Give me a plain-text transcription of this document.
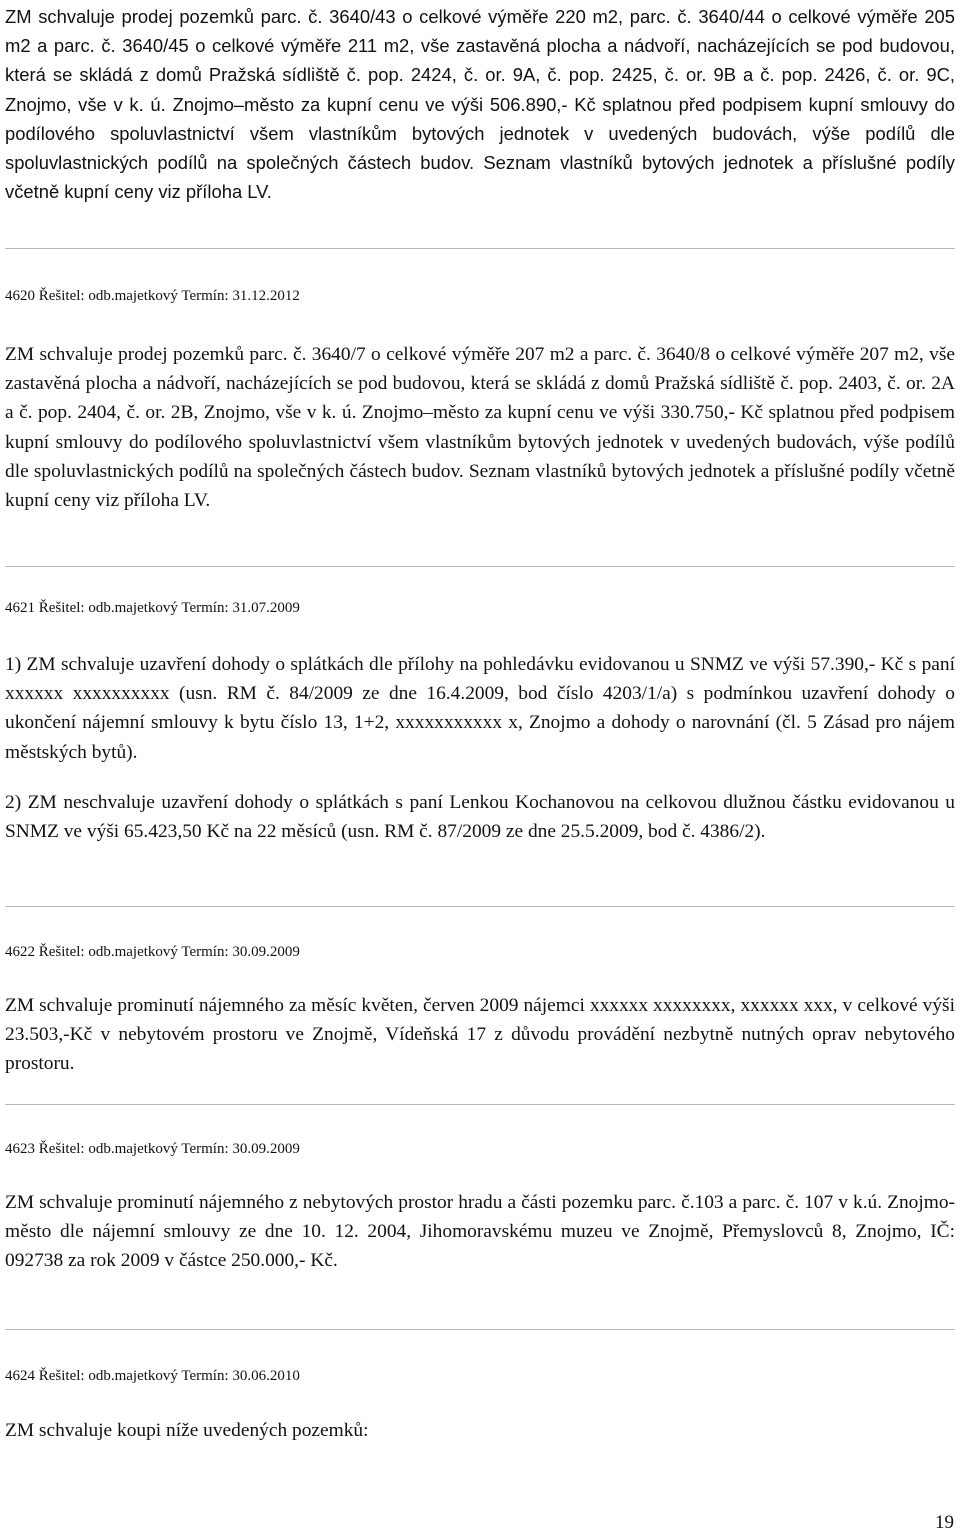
ZM schvaluje prodej pozemků parc. č. 3640/43 o celkové výměře 220 m2, parc. č. 3640/44 o celkové výměře 205 m2 a parc. č. 3640/45 o celkové výměře 211 m2, vše zastavěná plocha a nádvoří, nacházejících se pod budovou, která se skládá z domů Pražská sídliště č. pop. 2424, č. or. 9A, č. pop. 2425, č. or. 9B a č. pop. 2426, č. or. 9C, Znojmo, vše v k. ú. Znojmo–město za kupní cenu ve výši 506.890,- Kč splatnou před podpisem kupní smlouvy do podílového spoluvlastnictví všem vlastníkům bytových jednotek v uvedených budovách, výše podílů dle spoluvlastnických podílů na společných částech budov. Seznam vlastníků bytových jednotek a příslušné podíly včetně kupní ceny viz příloha LV.

4620 Řešitel: odb.majetkový Termín: 31.12.2012

ZM schvaluje prodej pozemků parc. č. 3640/7 o celkové výměře 207 m2 a parc. č. 3640/8 o celkové výměře 207 m2, vše zastavěná plocha a nádvoří, nacházejících se pod budovou, která se skládá z domů Pražská sídliště č. pop. 2403, č. or. 2A a č. pop. 2404, č. or. 2B, Znojmo, vše v k. ú. Znojmo–město za kupní cenu ve výši 330.750,- Kč splatnou před podpisem kupní smlouvy do podílového spoluvlastnictví všem vlastníkům bytových jednotek v uvedených budovách, výše podílů dle spoluvlastnických podílů na společných částech budov. Seznam vlastníků bytových jednotek a příslušné podíly včetně kupní ceny viz příloha LV.

4621 Řešitel: odb.majetkový Termín: 31.07.2009

1) ZM schvaluje uzavření dohody o splátkách dle přílohy na pohledávku evidovanou u SNMZ ve výši 57.390,- Kč s paní xxxxxx xxxxxxxxxx (usn. RM č. 84/2009 ze dne 16.4.2009, bod číslo 4203/1/a) s podmínkou uzavření dohody o ukončení nájemní smlouvy k bytu číslo 13, 1+2, xxxxxxxxxxx x, Znojmo a dohody o narovnání (čl. 5 Zásad pro nájem městských bytů).

2) ZM neschvaluje uzavření dohody o splátkách s paní Lenkou Kochanovou na celkovou dlužnou částku evidovanou u SNMZ ve výši 65.423,50 Kč na 22 měsíců (usn. RM č. 87/2009 ze dne 25.5.2009, bod č. 4386/2).

4622 Řešitel: odb.majetkový Termín: 30.09.2009

ZM schvaluje prominutí nájemného za měsíc květen, červen 2009 nájemci xxxxxx xxxxxxxx, xxxxxx xxx, v celkové výši 23.503,-Kč v nebytovém prostoru ve Znojmě, Vídeňská 17 z důvodu provádění nezbytně nutných oprav nebytového prostoru.

4623 Řešitel: odb.majetkový Termín: 30.09.2009

ZM schvaluje prominutí nájemného z nebytových prostor hradu a části pozemku parc. č.103 a parc. č. 107 v k.ú. Znojmo-město dle nájemní smlouvy ze dne 10. 12. 2004, Jihomoravskému muzeu ve Znojmě, Přemyslovců 8, Znojmo, IČ: 092738 za rok 2009 v částce 250.000,- Kč.

4624 Řešitel: odb.majetkový Termín: 30.06.2010

ZM schvaluje koupi níže uvedených pozemků:

19
